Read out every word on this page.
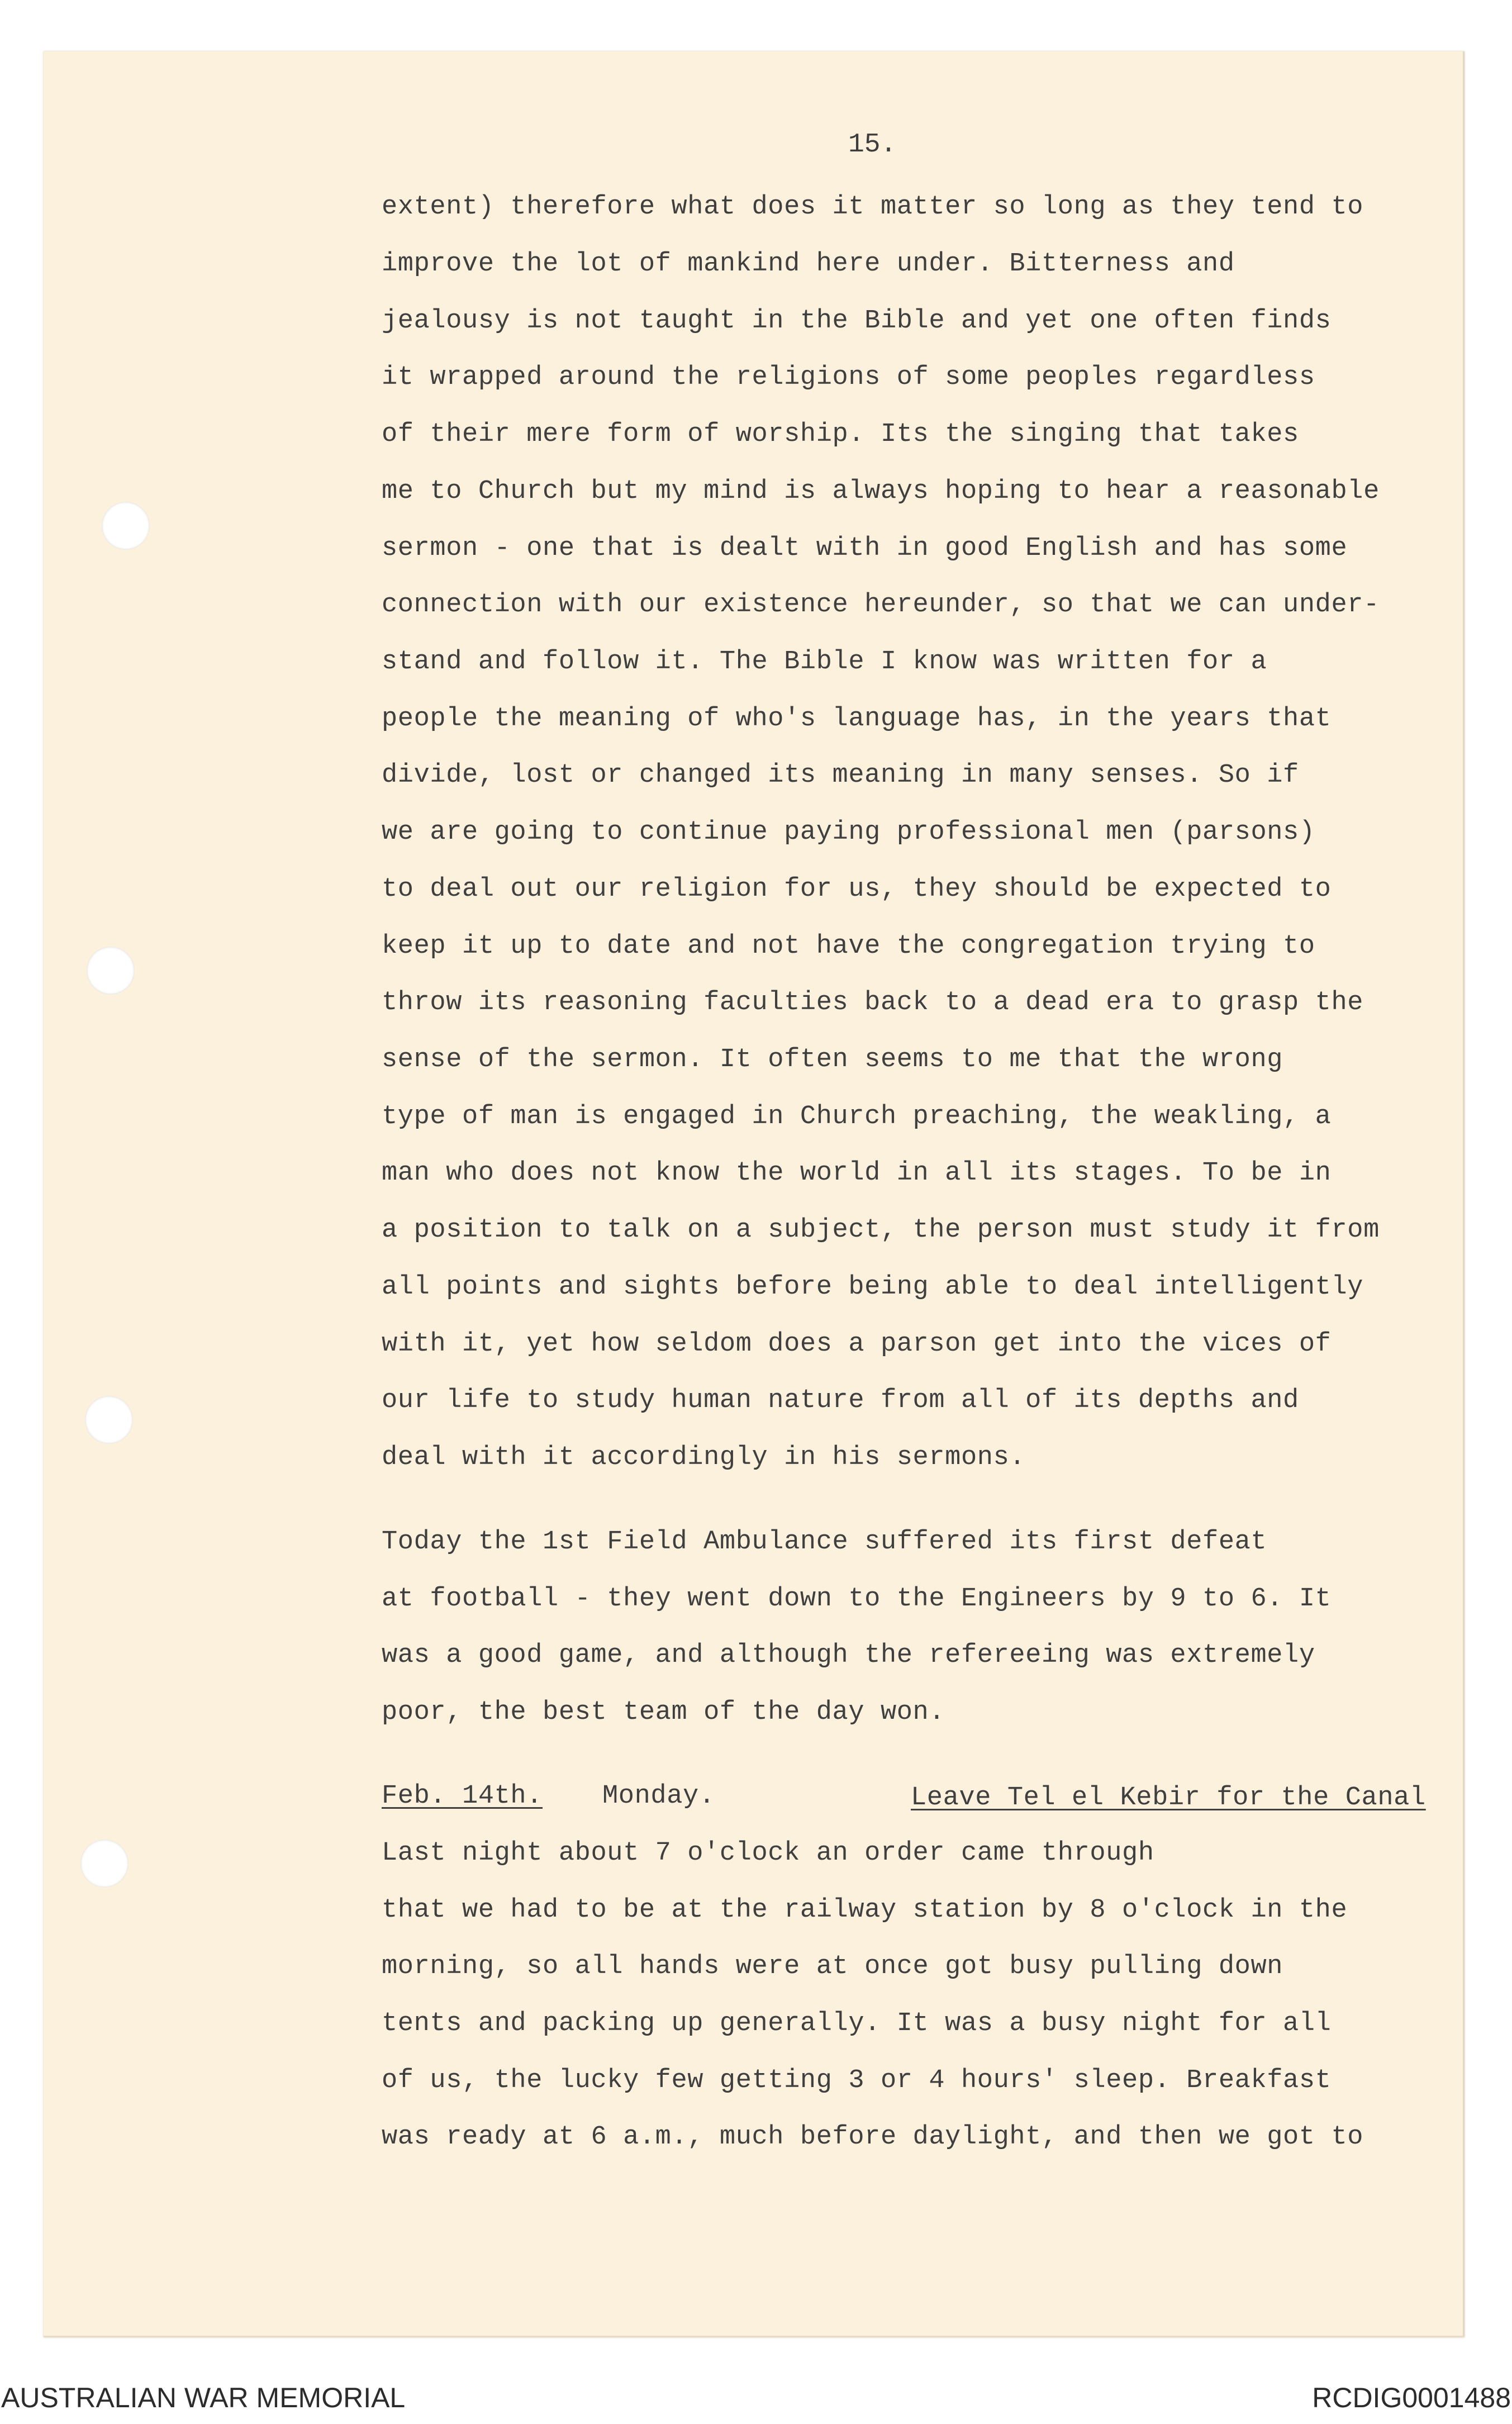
15.
extent) therefore what does it matter so long as they tend to
improve the lot of mankind here under. Bitterness and
jealousy is not taught in the Bible and yet one often finds
it wrapped around the religions of some peoples regardless
of their mere form of worship. Its the singing that takes
me to Church but my mind is always hoping to hear a reasonable
sermon - one that is dealt with in good English and has some
connection with our existence hereunder, so that we can under-
stand and follow it. The Bible I know was written for a
people the meaning of who's language has, in the years that
divide, lost or changed its meaning in many senses. So if
we are going to continue paying professional men (parsons)
to deal out our religion for us, they should be expected to
keep it up to date and not have the congregation trying to
throw its reasoning faculties back to a dead era to grasp the
sense of the sermon. It often seems to me that the wrong
type of man is engaged in Church preaching, the weakling, a
man who does not know the world in all its stages. To be in
a position to talk on a subject, the person must study it from
all points and sights before being able to deal intelligently
with it, yet how seldom does a parson get into the vices of
our life to study human nature from all of its depths and
deal with it accordingly in his sermons.
Today the 1st Field Ambulance suffered its first defeat
at football - they went down to the Engineers by 9 to 6. It
was a good game, and although the refereeing was extremely
poor, the best team of the day won.
Feb. 14th. Monday.	Leave Tel el Kebir for the Canal
Last night about 7 o'clock an order came through
that we had to be at the railway station by 8 o'clock in the
morning, so all hands were at once got busy pulling down
tents and packing up generally. It was a busy night for all
of us, the lucky few getting 3 or 4 hours' sleep. Breakfast
was ready at 6 a.m., much before daylight, and then we got to
AUSTRALIAN WAR MEMORIAL	RCDIG0001488
